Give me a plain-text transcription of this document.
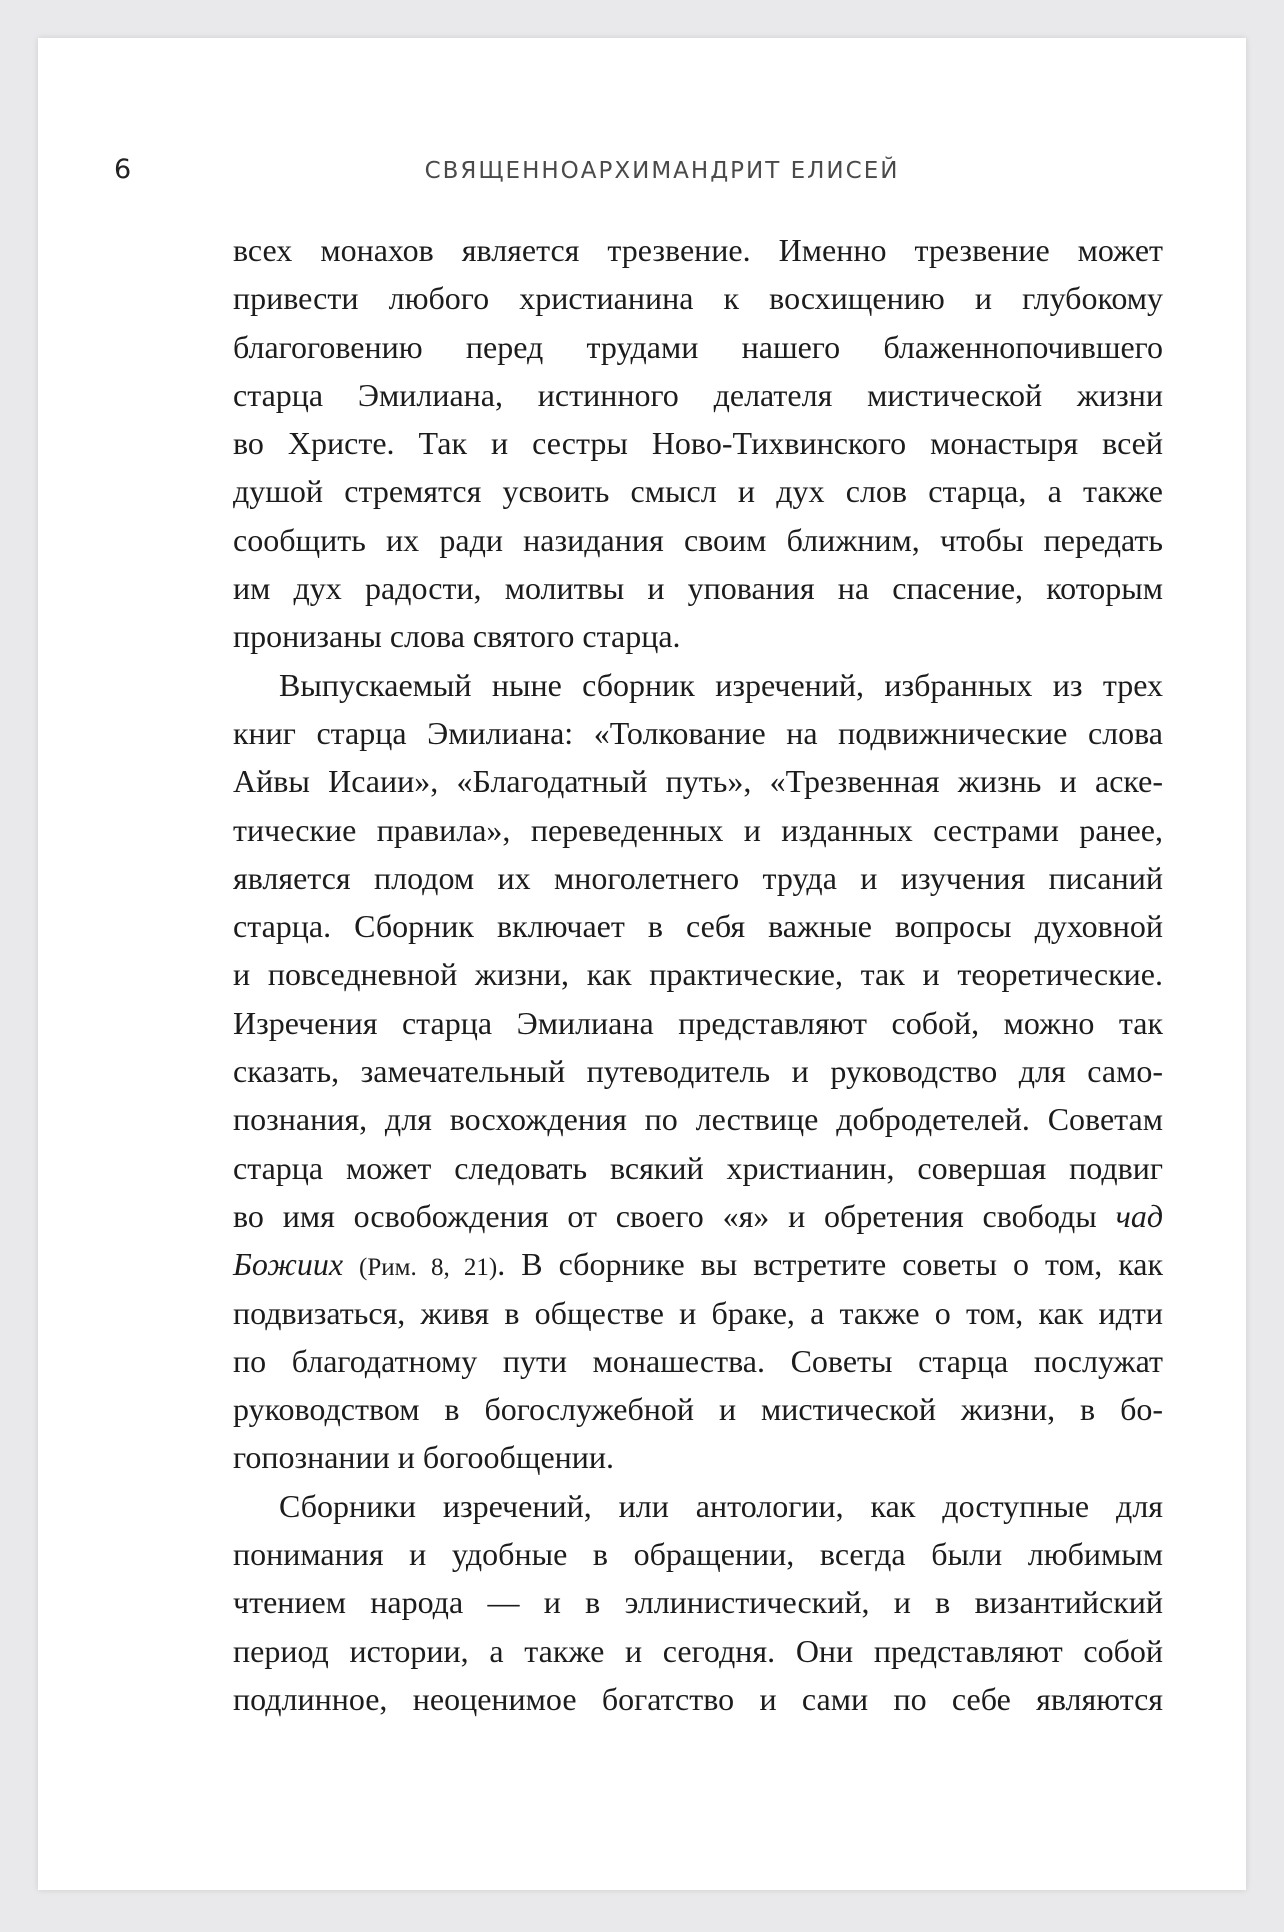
6	СВЯЩЕННОАРХИМАНДРИТ ЕЛИСЕЙ
всех монахов является трезвение. Именно трезвение может
привести любого христианина к восхищению и глубокому
благоговению перед трудами нашего блаженнопочившего
старца Эмилиана, истинного делателя мистической жизни
во Христе. Так и сестры Ново-Тихвинского монастыря всей
душой стремятся усвоить смысл и дух слов старца, а также
сообщить их ради назидания своим ближним, чтобы передать
им дух радости, молитвы и упования на спасение, которым
пронизаны слова святого старца.
Выпускаемый ныне сборник изречений, избранных из трех
книг старца Эмилиана: «Толкование на подвижнические слова
Айвы Исаии», «Благодатный путь», «Трезвенная жизнь и аске-
тические правила», переведенных и изданных сестрами ранее,
является плодом их многолетнего труда и изучения писаний
старца. Сборник включает в себя важные вопросы духовной
и повседневной жизни, как практические, так и теоретические.
Изречения старца Эмилиана представляют собой, можно так
сказать, замечательный путеводитель и руководство для само-
познания, для восхождения по лествице добродетелей. Советам
старца может следовать всякий христианин, совершая подвиг
во имя освобождения от своего «я» и обретения свободы чад
Божиих (Рим. 8, 21). В сборнике вы встретите советы о том, как
подвизаться, живя в обществе и браке, а также о том, как идти
по благодатному пути монашества. Советы старца послужат
руководством в богослужебной и мистической жизни, в бо-
гопознании и богообщении.
Сборники изречений, или антологии, как доступные для
понимания и удобные в обращении, всегда были любимым
чтением народа — и в эллинистический, и в византийский
период истории, а также и сегодня. Они представляют собой
подлинное, неоценимое богатство и сами по себе являются
